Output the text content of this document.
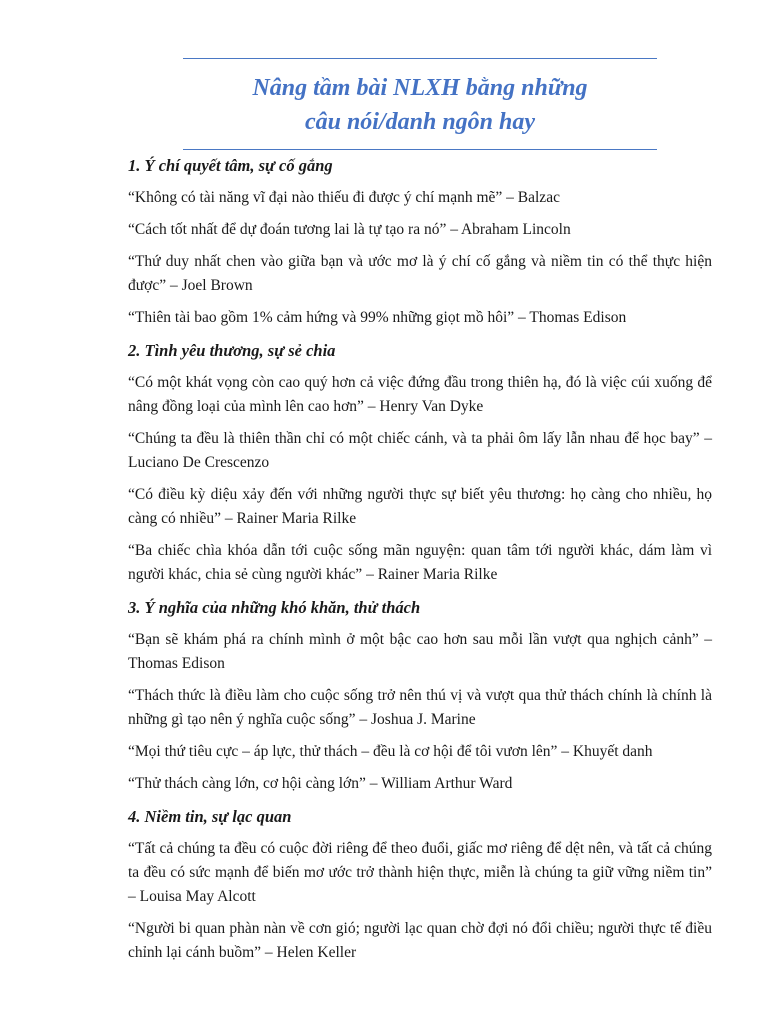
Nâng tầm bài NLXH bằng những
câu nói/danh ngôn hay

1. Ý chí quyết tâm, sự cố gắng

“Không có tài năng vĩ đại nào thiếu đi được ý chí mạnh mẽ” – Balzac

“Cách tốt nhất để dự đoán tương lai là tự tạo ra nó” – Abraham Lincoln

“Thứ duy nhất chen vào giữa bạn và ước mơ là ý chí cố gắng và niềm tin có thể thực hiện được” – Joel Brown

“Thiên tài bao gồm 1% cảm hứng và 99% những giọt mồ hôi” – Thomas Edison

2. Tình yêu thương, sự sẻ chia

“Có một khát vọng còn cao quý hơn cả việc đứng đầu trong thiên hạ, đó là việc cúi xuống để nâng đồng loại của mình lên cao hơn” – Henry Van Dyke

“Chúng ta đều là thiên thần chỉ có một chiếc cánh, và ta phải ôm lấy lẫn nhau để học bay” – Luciano De Crescenzo

“Có điều kỳ diệu xảy đến với những người thực sự biết yêu thương: họ càng cho nhiều, họ càng có nhiều” – Rainer Maria Rilke

“Ba chiếc chìa khóa dẫn tới cuộc sống mãn nguyện: quan tâm tới người khác, dám làm vì người khác, chia sẻ cùng người khác” – Rainer Maria Rilke

3. Ý nghĩa của những khó khăn, thử thách

“Bạn sẽ khám phá ra chính mình ở một bậc cao hơn sau mỗi lần vượt qua nghịch cảnh” – Thomas Edison

“Thách thức là điều làm cho cuộc sống trở nên thú vị và vượt qua thử thách chính là chính là những gì tạo nên ý nghĩa cuộc sống” – Joshua J. Marine

“Mọi thứ tiêu cực – áp lực, thử thách – đều là cơ hội để tôi vươn lên” – Khuyết danh

“Thử thách càng lớn, cơ hội càng lớn” – William Arthur Ward

4. Niềm tin, sự lạc quan

“Tất cả chúng ta đều có cuộc đời riêng để theo đuổi, giấc mơ riêng để dệt nên, và tất cả chúng ta đều có sức mạnh để biến mơ ước trở thành hiện thực, miễn là chúng ta giữ vững niềm tin” – Louisa May Alcott

“Người bi quan phàn nàn về cơn gió; người lạc quan chờ đợi nó đổi chiều; người thực tế điều chỉnh lại cánh buồm” – Helen Keller
